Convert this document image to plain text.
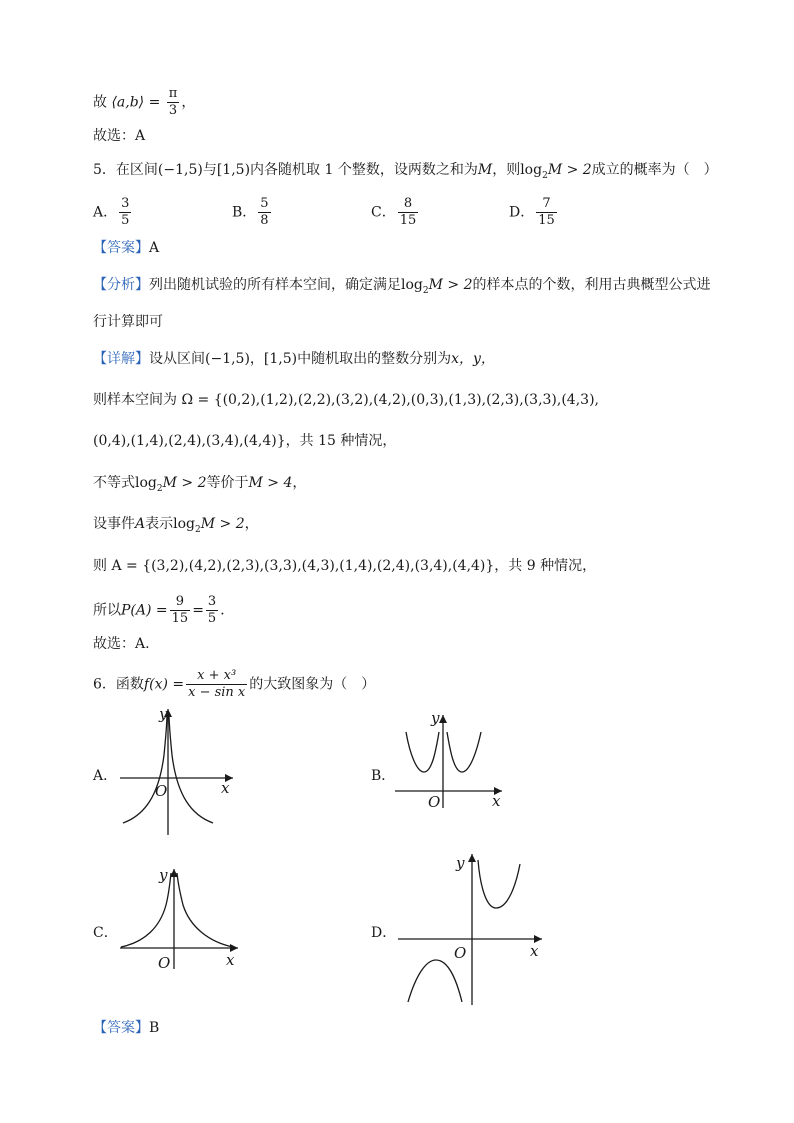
故 ⟨a,b⟩ = $\frac{\pi}{3}$ ，
故选：A
5．在区间(−1,5)与[1,5)内各随机取 1 个整数，设两数之和为M，则$\log_2M > 2$成立的概率为（　）
A． $\frac{3}{5}$	B． $\frac{5}{8}$	C． $\frac{8}{15}$	D． $\frac{7}{15}$
【答案】A
【分析】列出随机试验的所有样本空间，确定满足$\log_2M > 2$的样本点的个数，利用古典概型公式进
行计算即可
【详解】设从区间(−1,5)，[1,5)中随机取出的整数分别为x，y，
则样本空间为 Ω = {(0,2),(1,2),(2,2),(3,2),(4,2),(0,3),(1,3),(2,3),(3,3),(4,3),
(0,4),(1,4),(2,4),(3,4),(4,4)}，共 15 种情况，
不等式$\log_2M > 2$等价于M > 4，
设事件A表示$\log_2M > 2$，
则 A = {(3,2),(4,2),(2,3),(3,3),(4,3),(1,4),(2,4),(3,4),(4,4)}，共 9 种情况，
所以$P(A) = \frac{9}{15} = \frac{3}{5}$ ．
故选：A.
6．函数$f(x) = \frac{\text{x + x³}}{\text{x − sin x}}$ 的大致图象为（　）
A．
y
x
O
B．
y
x
O
C．
y
x
O
D．
y
x
O
【答案】B
